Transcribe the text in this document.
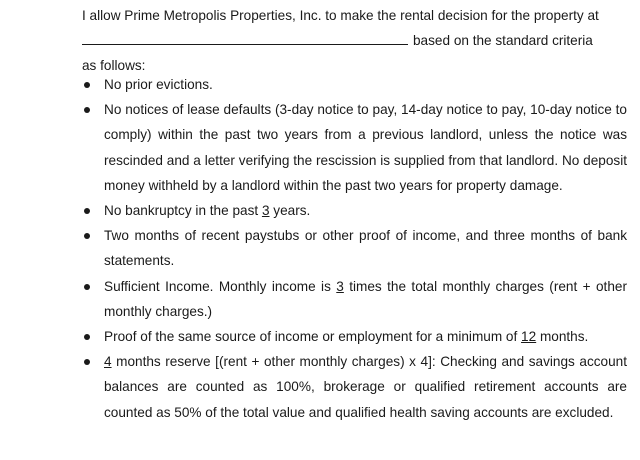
I allow Prime Metropolis Properties, Inc. to make the rental decision for the property at
based on the standard criteria
as follows:
No prior evictions.
No notices of lease defaults (3-day notice to pay, 14-day notice to pay, 10-day notice to comply) within the past two years from a previous landlord, unless the notice was rescinded and a letter verifying the rescission is supplied from that landlord. No deposit money withheld by a landlord within the past two years for property damage.
No bankruptcy in the past 3 years.
Two months of recent paystubs or other proof of income, and three months of bank statements.
Sufficient Income. Monthly income is 3 times the total monthly charges (rent + other monthly charges.)
Proof of the same source of income or employment for a minimum of 12 months.
4 months reserve [(rent + other monthly charges) x 4]: Checking and savings account balances are counted as 100%, brokerage or qualified retirement accounts are counted as 50% of the total value and qualified health saving accounts are excluded.
